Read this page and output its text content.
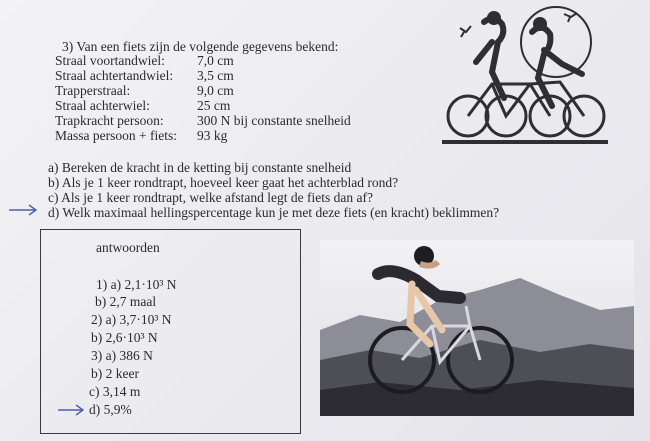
3) Van een fiets zijn de volgende gegevens bekend:
Straal voortandwiel: 7,0 cm
Straal achtertandwiel: 3,5 cm
Trapperstraal:	9,0 cm
Straal achterwiel:	25 cm
Trapkracht persoon: 300 N bij constante snelheid
Massa persoon + fiets: 93 kg
a) Bereken de kracht in de ketting bij constante snelheid
b) Als je 1 keer rondtrapt, hoeveel keer gaat het achterblad rond?
c) Als je 1 keer rondtrapt, welke afstand legt de fiets dan af?
d) Welk maximaal hellingspercentage kun je met deze fiets (en kracht) beklimmen?
antwoorden
1) a) 2,1·10³ N
b) 2,7 maal
2) a) 3,7·10³ N
b) 2,6·10³ N
3) a) 386 N
b) 2 keer
c) 3,14 m
d) 5,9%
